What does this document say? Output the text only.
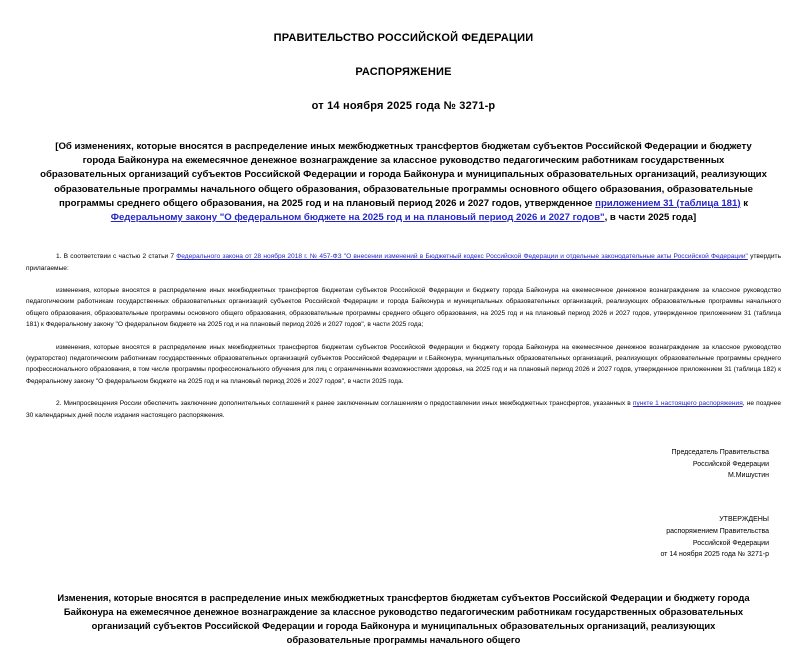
ПРАВИТЕЛЬСТВО РОССИЙСКОЙ ФЕДЕРАЦИИ
РАСПОРЯЖЕНИЕ
от 14 ноября 2025 года № 3271-р
[Об изменениях, которые вносятся в распределение иных межбюджетных трансфертов бюджетам субъектов Российской Федерации и бюджету города Байконура на ежемесячное денежное вознаграждение за классное руководство педагогическим работникам государственных образовательных организаций субъектов Российской Федерации и города Байконура и муниципальных образовательных организаций, реализующих образовательные программы начального общего образования, образовательные программы основного общего образования, образовательные программы среднего общего образования, на 2025 год и на плановый период 2026 и 2027 годов, утвержденное приложением 31 (таблица 181) к Федеральному закону "О федеральном бюджете на 2025 год и на плановый период 2026 и 2027 годов", в части 2025 года]

1. В соответствии с частью 2 статьи 7 Федерального закона от 28 ноября 2018 г. № 457-ФЗ "О внесении изменений в Бюджетный кодекс Российской Федерации и отдельные законодательные акты Российской Федерации" утвердить прилагаемые:

изменения, которые вносятся в распределение иных межбюджетных трансфертов бюджетам субъектов Российской Федерации и бюджету города Байконура на ежемесячное денежное вознаграждение за классное руководство педагогическим работникам государственных образовательных организаций субъектов Российской Федерации и города Байконура и муниципальных образовательных организаций, реализующих образовательные программы начального общего образования, образовательные программы основного общего образования, образовательные программы среднего общего образования, на 2025 год и на плановый период 2026 и 2027 годов, утвержденное приложением 31 (таблица 181) к Федеральному закону "О федеральном бюджете на 2025 год и на плановый период 2026 и 2027 годов", в части 2025 года;

изменения, которые вносятся в распределение иных межбюджетных трансфертов бюджетам субъектов Российской Федерации и бюджету города Байконура на ежемесячное денежное вознаграждение за классное руководство (кураторство) педагогическим работникам государственных образовательных организаций субъектов Российской Федерации и г.Байконура, муниципальных образовательных организаций, реализующих образовательные программы среднего профессионального образования, в том числе программы профессионального обучения для лиц с ограниченными возможностями здоровья, на 2025 год и на плановый период 2026 и 2027 годов, утвержденное приложением 31 (таблица 182) к Федеральному закону "О федеральном бюджете на 2025 год и на плановый период 2026 и 2027 годов", в части 2025 года.

2. Минпросвещения России обеспечить заключение дополнительных соглашений к ранее заключенным соглашениям о предоставлении иных межбюджетных трансфертов, указанных в пункте 1 настоящего распоряжения, не позднее 30 календарных дней после издания настоящего распоряжения.

Председатель Правительства
Российской Федерации
М.Мишустин
УТВЕРЖДЕНЫ
распоряжением Правительства
Российской Федерации
от 14 ноября 2025 года № 3271-р
Изменения, которые вносятся в распределение иных межбюджетных трансфертов бюджетам субъектов Российской Федерации и бюджету города Байконура на ежемесячное денежное вознаграждение за классное руководство педагогическим работникам государственных образовательных организаций субъектов Российской Федерации и города Байконура и муниципальных образовательных организаций, реализующих образовательные программы начального общего
